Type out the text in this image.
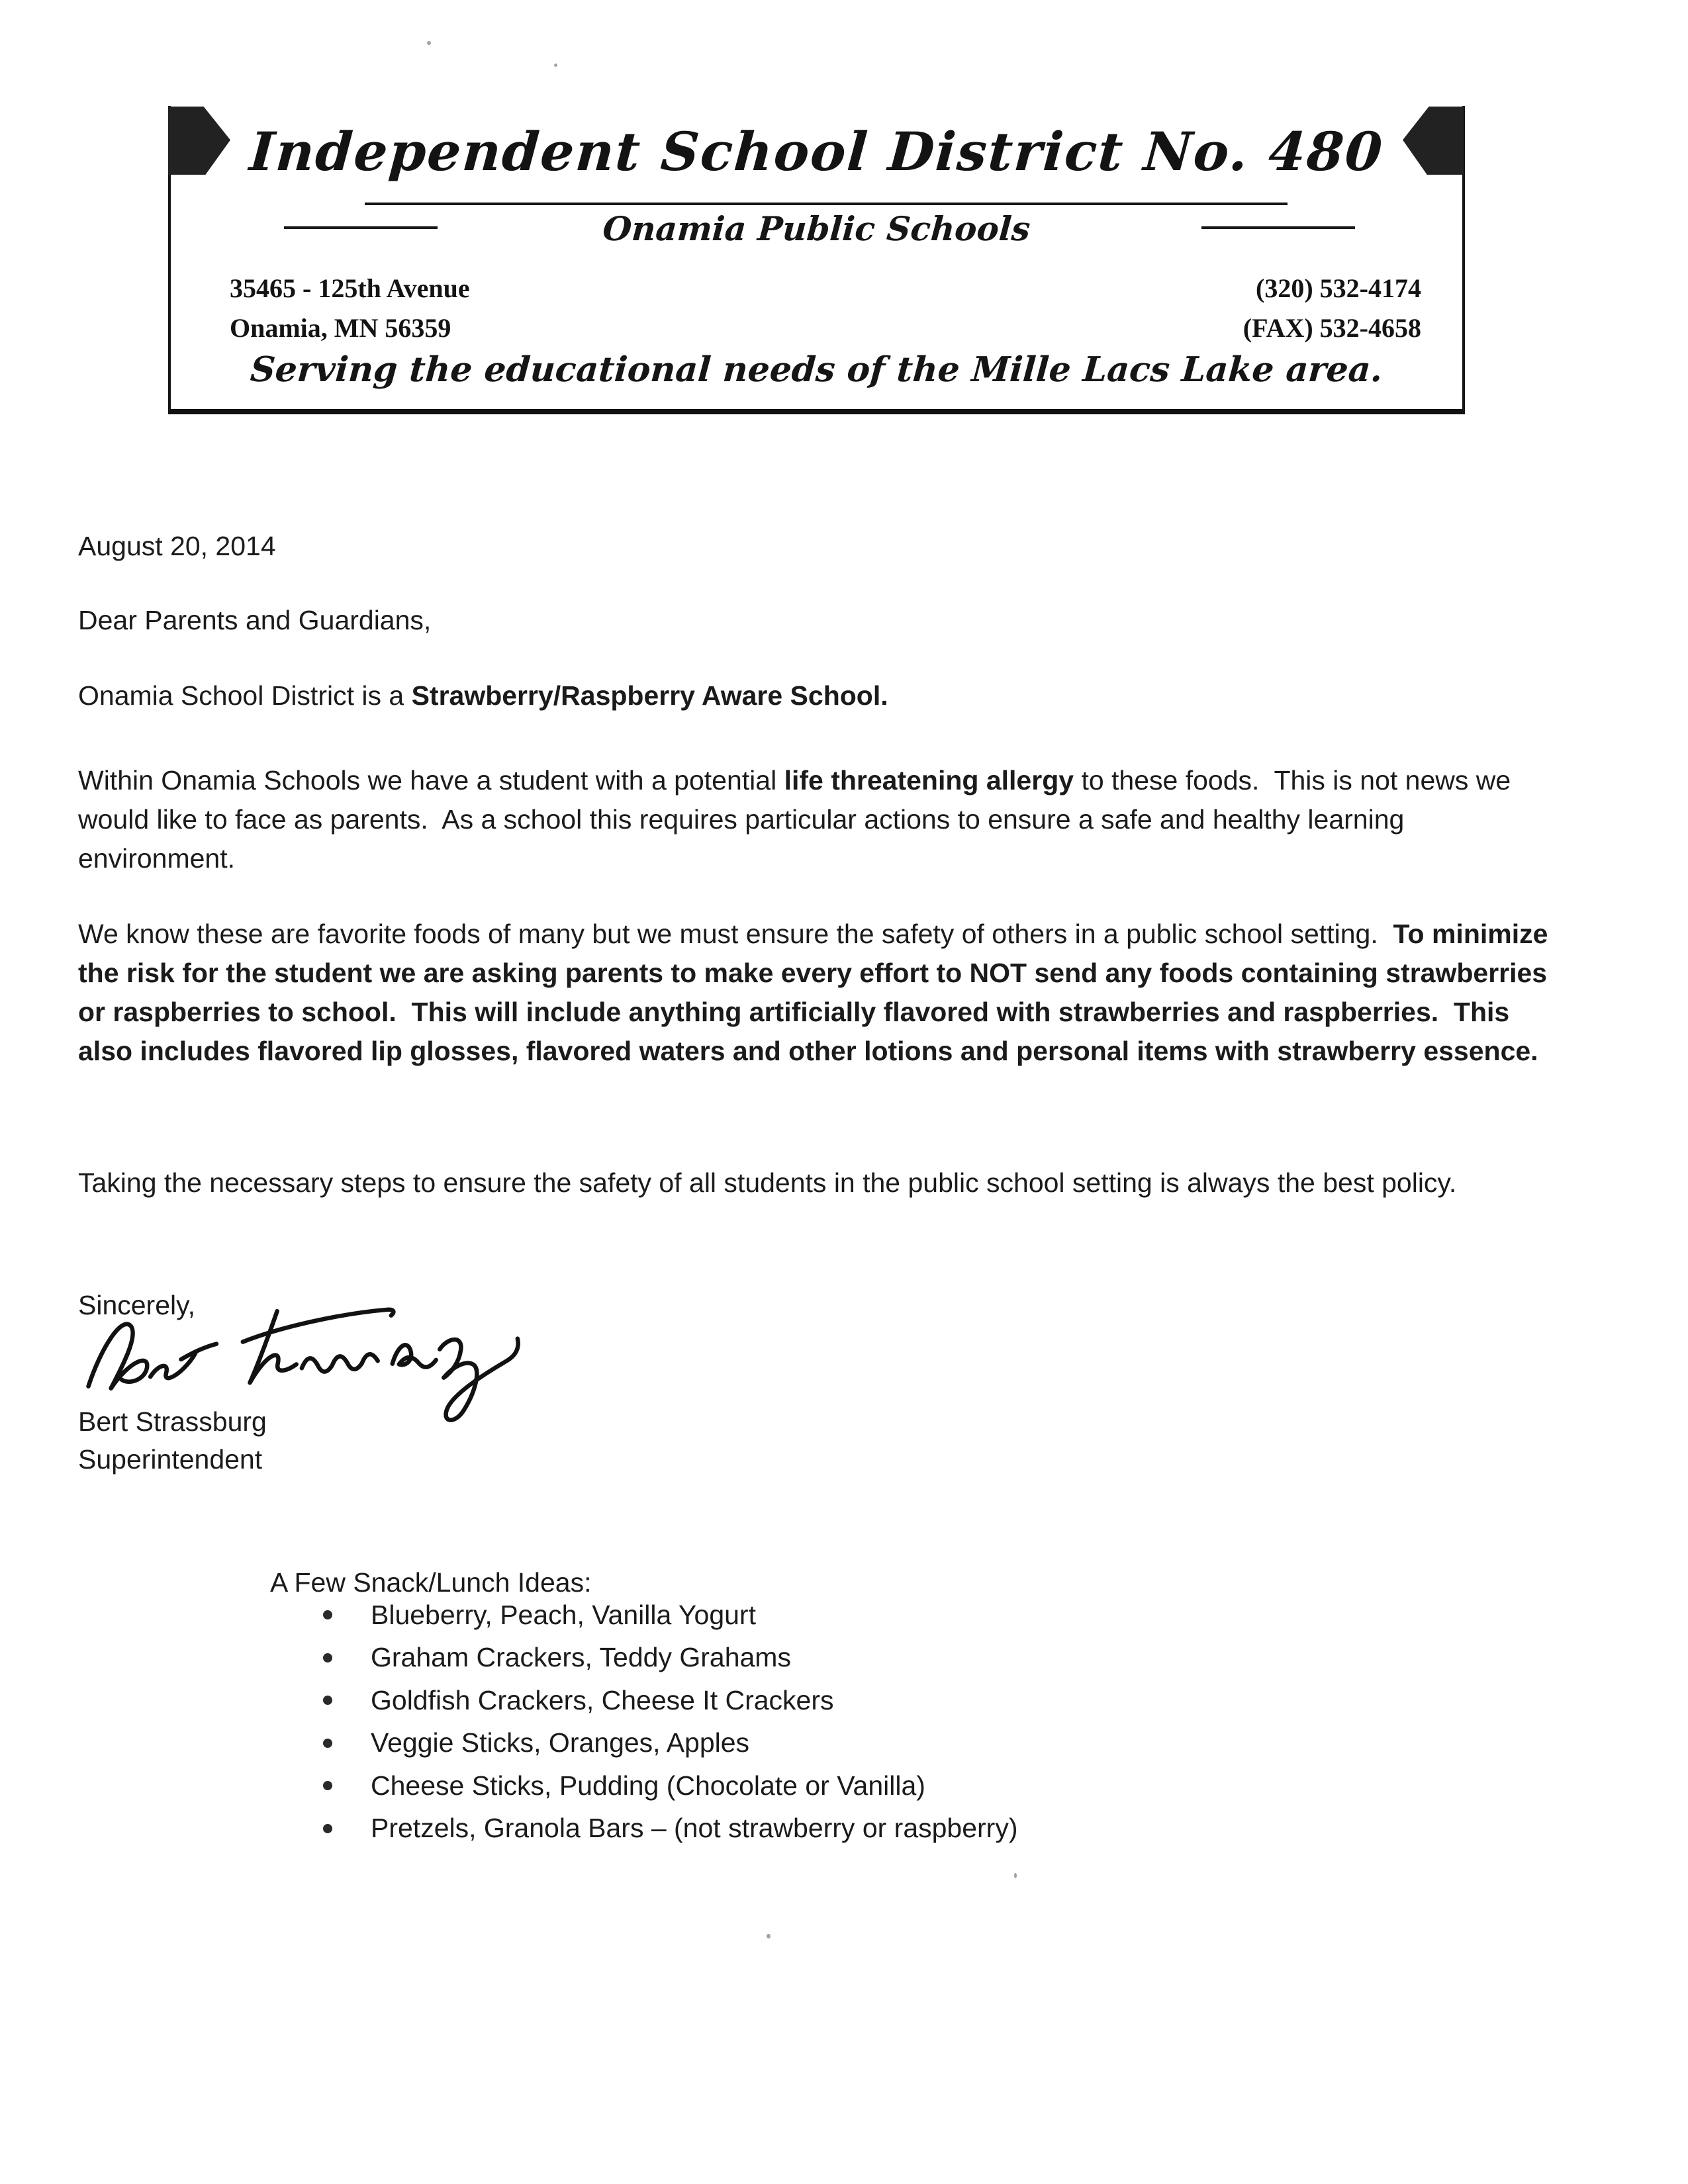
Independent School District No. 480
Onamia Public Schools
35465 - 125th Avenue
Onamia, MN 56359
(320) 532-4174
(FAX) 532-4658
Serving the educational needs of the Mille Lacs Lake area.
August 20, 2014
Dear Parents and Guardians,
Onamia School District is a Strawberry/Raspberry Aware School.
Within Onamia Schools we have a student with a potential life threatening allergy to these foods.  This is not news we would like to face as parents.  As a school this requires particular actions to ensure a safe and healthy learning environment.
We know these are favorite foods of many but we must ensure the safety of others in a public school setting.  To minimize the risk for the student we are asking parents to make every effort to NOT send any foods containing strawberries or raspberries to school.  This will include anything artificially flavored with strawberries and raspberries.  This also includes flavored lip glosses, flavored waters and other lotions and personal items with strawberry essence.
Taking the necessary steps to ensure the safety of all students in the public school setting is always the best policy.
Sincerely,
Bert Strassburg
Superintendent
A Few Snack/Lunch Ideas:
Blueberry, Peach, Vanilla Yogurt
Graham Crackers, Teddy Grahams
Goldfish Crackers, Cheese It Crackers
Veggie Sticks, Oranges, Apples
Cheese Sticks, Pudding (Chocolate or Vanilla)
Pretzels, Granola Bars – (not strawberry or raspberry)
